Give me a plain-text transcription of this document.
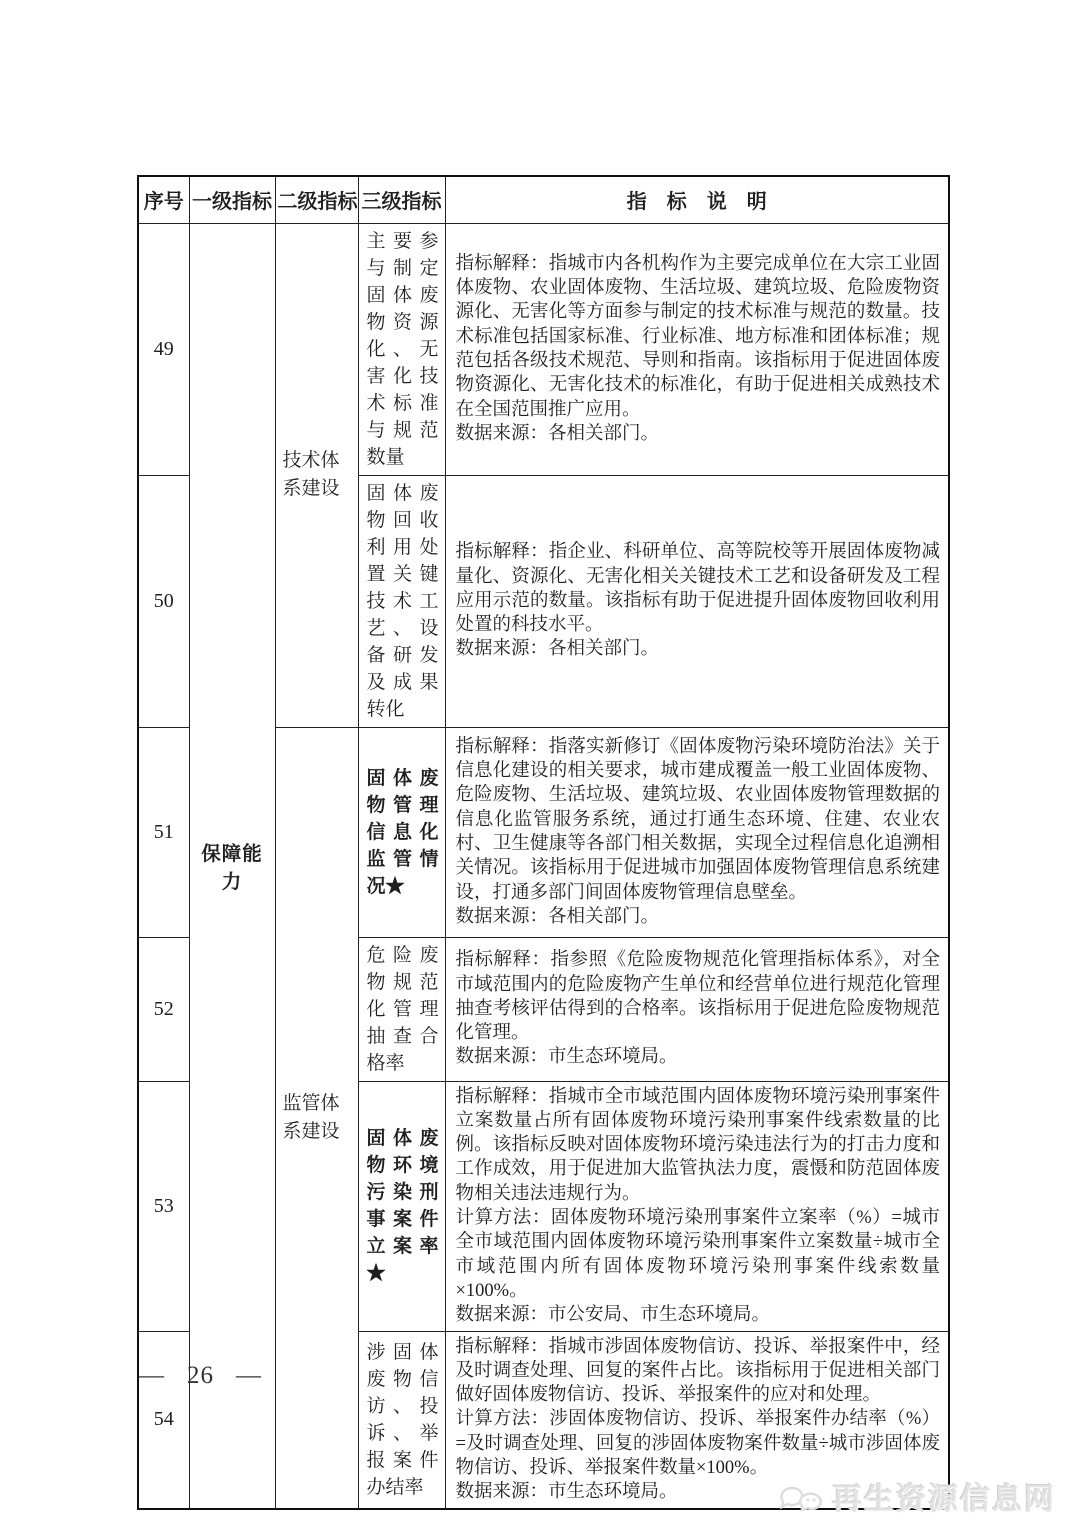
序号	一级指标	二级指标	三级指标	指　标　说　明
49	保障能力	技术体系建设	主要参与制定固体废物资源化、无害化技术标准与规范数量	指标解释：指城市内各机构作为主要完成单位在大宗工业固体废物、农业固体废物、生活垃圾、建筑垃圾、危险废物资源化、无害化等方面参与制定的技术标准与规范的数量。技术标准包括国家标准、行业标准、地方标准和团体标准；规范包括各级技术规范、导则和指南。该指标用于促进固体废物资源化、无害化技术的标准化，有助于促进相关成熟技术在全国范围推广应用。

数据来源：各相关部门。

50			固体废物回收利用处置关键技术工艺、设备研发及成果转化	指标解释：指企业、科研单位、高等院校等开展固体废物减量化、资源化、无害化相关关键技术工艺和设备研发及工程应用示范的数量。该指标有助于促进提升固体废物回收利用处置的科技水平。

数据来源：各相关部门。

51		监管体系建设	固体废物管理信息化监管情况★	指标解释：指落实新修订《固体废物污染环境防治法》关于信息化建设的相关要求，城市建成覆盖一般工业固体废物、危险废物、生活垃圾、建筑垃圾、农业固体废物管理数据的信息化监管服务系统，通过打通生态环境、住建、农业农村、卫生健康等各部门相关数据，实现全过程信息化追溯相关情况。该指标用于促进城市加强固体废物管理信息系统建设，打通多部门间固体废物管理信息壁垒。

数据来源：各相关部门。

52			危险废物规范化管理抽查合格率	指标解释：指参照《危险废物规范化管理指标体系》，对全市域范围内的危险废物产生单位和经营单位进行规范化管理抽查考核评估得到的合格率。该指标用于促进危险废物规范化管理。

数据来源：市生态环境局。

53			固体废物环境污染刑事案件立案率★	指标解释：指城市全市域范围内固体废物环境污染刑事案件立案数量占所有固体废物环境污染刑事案件线索数量的比例。该指标反映对固体废物环境污染违法行为的打击力度和工作成效，用于促进加大监管执法力度，震慑和防范固体废物相关违法违规行为。

计算方法：固体废物环境污染刑事案件立案率（%）=城市全市域范围内固体废物环境污染刑事案件立案数量÷城市全市域范围内所有固体废物环境污染刑事案件线索数量×100%。

数据来源：市公安局、市生态环境局。

54			涉固体废物信访、投诉、举报案件办结率	指标解释：指城市涉固体废物信访、投诉、举报案件中，经及时调查处理、回复的案件占比。该指标用于促进相关部门做好固体废物信访、投诉、举报案件的应对和处理。

计算方法：涉固体废物信访、投诉、举报案件办结率（%）=及时调查处理、回复的涉固体废物案件数量÷城市涉固体废物信访、投诉、举报案件数量×100%。

数据来源：市生态环境局。

— 26 —
再生资源信息网
